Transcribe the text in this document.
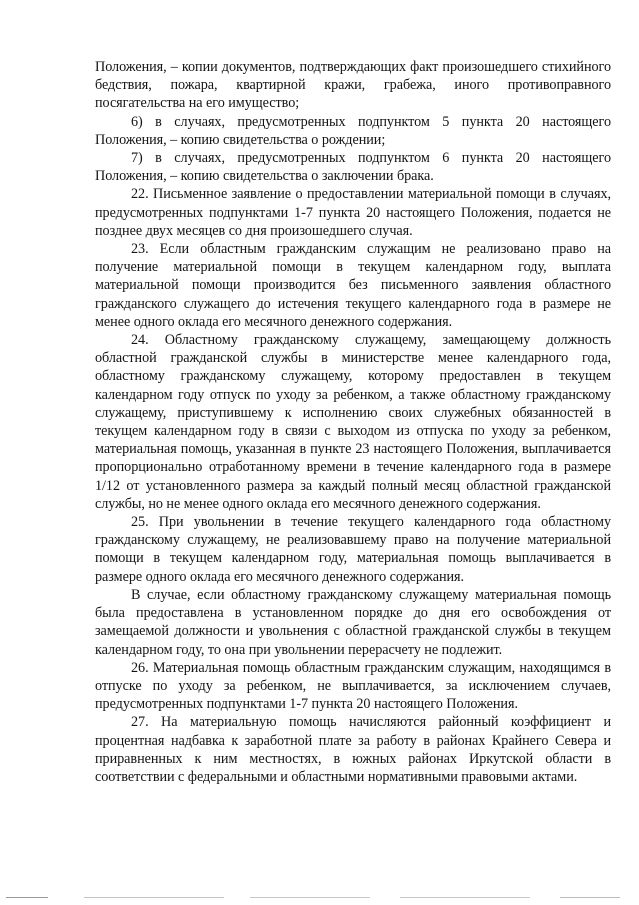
Положения, – копии документов, подтверждающих факт произошедшего стихийного бедствия, пожара, квартирной кражи, грабежа, иного противоправного посягательства на его имущество;

6) в случаях, предусмотренных подпунктом 5 пункта 20 настоящего Положения, – копию свидетельства о рождении;

7) в случаях, предусмотренных подпунктом 6 пункта 20 настоящего Положения, – копию свидетельства о заключении брака.

22. Письменное заявление о предоставлении материальной помощи в случаях, предусмотренных подпунктами 1-7 пункта 20 настоящего Положения, подается не позднее двух месяцев со дня произошедшего случая.

23. Если областным гражданским служащим не реализовано право на получение материальной помощи в текущем календарном году, выплата материальной помощи производится без письменного заявления областного гражданского служащего до истечения текущего календарного года в размере не менее одного оклада его месячного денежного содержания.

24. Областному гражданскому служащему, замещающему должность областной гражданской службы в министерстве менее календарного года, областному гражданскому служащему, которому предоставлен в текущем календарном году отпуск по уходу за ребенком, а также областному гражданскому служащему, приступившему к исполнению своих служебных обязанностей в текущем календарном году в связи с выходом из отпуска по уходу за ребенком, материальная помощь, указанная в пункте 23 настоящего Положения, выплачивается пропорционально отработанному времени в течение календарного года в размере 1/12 от установленного размера за каждый полный месяц областной гражданской службы, но не менее одного оклада его месячного денежного содержания.

25. При увольнении в течение текущего календарного года областному гражданскому служащему, не реализовавшему право на получение материальной помощи в текущем календарном году, материальная помощь выплачивается в размере одного оклада его месячного денежного содержания.

В случае, если областному гражданскому служащему материальная помощь была предоставлена в установленном порядке до дня его освобождения от замещаемой должности и увольнения с областной гражданской службы в текущем календарном году, то она при увольнении перерасчету не подлежит.

26. Материальная помощь областным гражданским служащим, находящимся в отпуске по уходу за ребенком, не выплачивается, за исключением случаев, предусмотренных подпунктами 1-7 пункта 20 настоящего Положения.

27. На материальную помощь начисляются районный коэффициент и процентная надбавка к заработной плате за работу в районах Крайнего Севера и приравненных к ним местностях, в южных районах Иркутской области в соответствии с федеральными и областными нормативными правовыми актами.
